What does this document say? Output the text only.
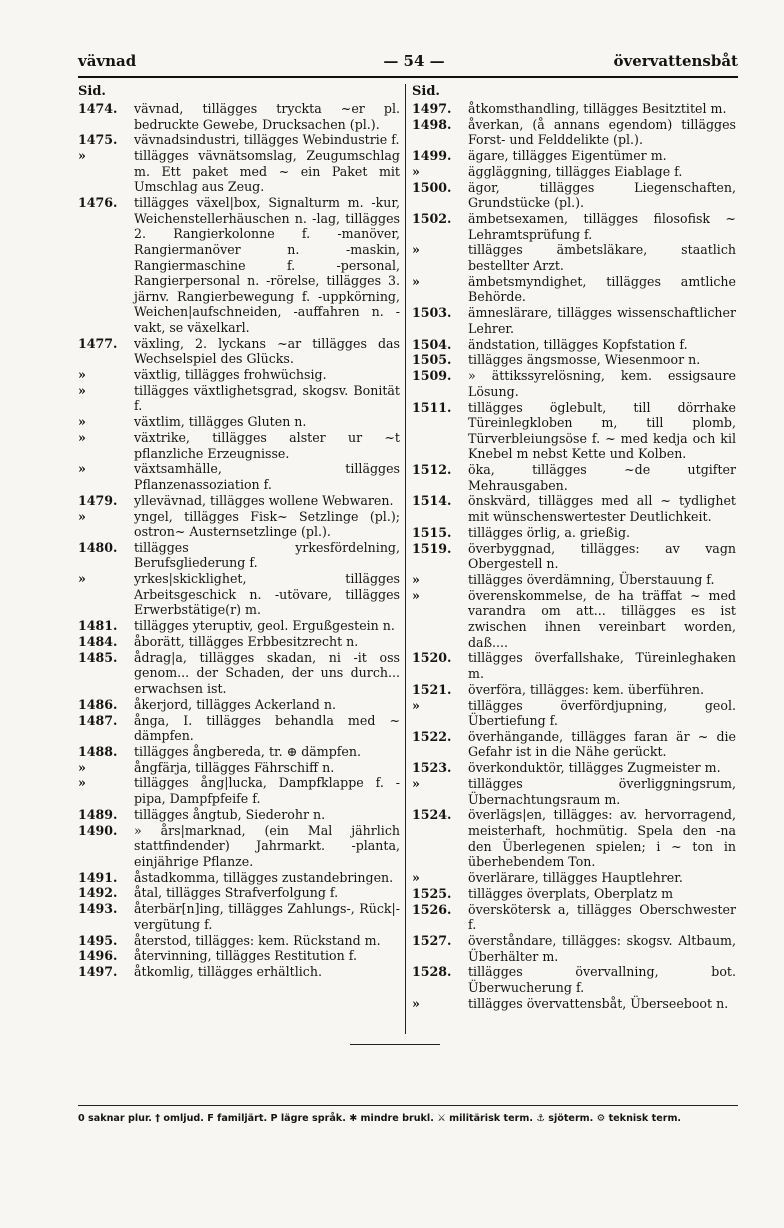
vävnad	— 54 —	övervattensbåt
Sid.
1474. vävnad, tillägges tryckta ~er pl. bedruckte Gewebe, Drucksachen (pl.).
1475. vävnadsindustri, tillägges Webindustrie f.
»	tillägges vävnätsomslag, Zeugumschlag m. Ett paket med ~ ein Paket mit Umschlag aus Zeug.
1476. tillägges växel|box, Signalturm m. -kur, Weichenstellerhäuschen n. -lag, tillägges 2. Rangierkolonne f. -manöver, Rangiermanöver n. -maskin, Rangiermaschine f. -personal, Rangierpersonal n. -rörelse, tillägges 3. järnv. Rangierbewegung f. -uppkörning, Weichen|aufschneiden, -auffahren n. -vakt, se växelkarl.
1477. växling, 2. lyckans ~ar tillägges das Wechselspiel des Glücks.
»	växtlig, tillägges frohwüchsig.
»	tillägges växtlighetsgrad, skogsv. Bonität f.
»	växtlim, tillägges Gluten n.
»	växtrike, tillägges alster ur ~t pflanzliche Erzeugnisse.
»	växtsamhälle, tillägges Pflanzenassoziation f.
1479. yllevävnad, tillägges wollene Webwaren.
»	yngel, tillägges Fisk~ Setzlinge (pl.); ostron~ Austernsetzlinge (pl.).
1480. tillägges yrkesfördelning, Berufsgliederung f.
»	yrkes|skicklighet, tillägges Arbeitsgeschick n. -utövare, tillägges Erwerbstätige(r) m.
1481. tillägges yteruptiv, geol. Ergußgestein n.
1484. åborätt, tillägges Erbbesitzrecht n.
1485. ådrag|a, tillägges skadan, ni -it oss genom... der Schaden, der uns durch... erwachsen ist.
1486. åkerjord, tillägges Ackerland n.
1487. ånga, I. tillägges behandla med ~ dämpfen.
1488. tillägges ångbereda, tr. ⊕ dämpfen.
»	ångfärja, tillägges Fährschiff n.
»	tillägges ång|lucka, Dampfklappe f. -pipa, Dampfpfeife f.
1489. tillägges ångtub, Siederohr n.
1490. » års|marknad, (ein Mal jährlich stattfindender) Jahrmarkt. -planta, einjährige Pflanze.
1491. åstadkomma, tillägges zustandebringen.
1492. åtal, tillägges Strafverfolgung f.
1493. återbär[n]ing, tillägges Zahlungs-, Rück|-vergütung f.
1495. återstod, tillägges: kem. Rückstand m.
1496. återvinning, tillägges Restitution f.
1497. åtkomlig, tillägges erhältlich.
Sid.
1497. åtkomsthandling, tillägges Besitztitel m.
1498. åverkan, (å annans egendom) tillägges Forst- und Felddelikte (pl.).
1499. ägare, tillägges Eigentümer m.
»	äggläggning, tillägges Eiablage f.
1500. ägor, tillägges Liegenschaften, Grundstücke (pl.).
1502. ämbetsexamen, tillägges filosofisk ~ Lehramtsprüfung f.
»	tillägges ämbetsläkare, staatlich bestellter Arzt.
»	ämbetsmyndighet, tillägges amtliche Behörde.
1503. ämneslärare, tillägges wissenschaftlicher Lehrer.
1504. ändstation, tillägges Kopfstation f.
1505. tillägges ängsmosse, Wiesenmoor n.
1509. » ättikssyrelösning, kem. essigsaure Lösung.
1511. tillägges öglebult, till dörrhake Türeinlegkloben m, till plomb, Türverbleiungsöse f. ~ med kedja och kil Knebel m nebst Kette und Kolben.
1512. öka, tillägges ~de utgifter Mehrausgaben.
1514. önskvärd, tillägges med all ~ tydlighet mit wünschenswertester Deutlichkeit.
1515. tillägges örlig, a. grießig.
1519. överbyggnad, tillägges: av vagn Obergestell n.
»	tillägges överdämning, Überstauung f.
»	överenskommelse, de ha träffat ~ med varandra om att... tillägges es ist zwischen ihnen vereinbart worden, daß....
1520. tillägges överfallshake, Türeinleghaken m.
1521. överföra, tillägges: kem. überführen.
»	tillägges överfördjupning, geol. Übertiefung f.
1522. överhängande, tillägges faran är ~ die Gefahr ist in die Nähe gerückt.
1523. överkonduktör, tillägges Zugmeister m.
»	tillägges överliggningsrum, Übernachtungsraum m.
1524. överlägs|en, tillägges: av. hervorragend, meisterhaft, hochmütig. Spela den -na den Überlegenen spielen; i ~ ton in überhebendem Ton.
»	överlärare, tillägges Hauptlehrer.
1525. tillägges överplats, Oberplatz m
1526. överskötersk a, tillägges Oberschwester f.
1527. överståndare, tillägges: skogsv. Altbaum, Überhälter m.
1528. tillägges övervallning, bot. Überwucherung f.
»	tillägges övervattensbåt, Überseeboot n.
0 saknar plur. † omljud. F familjärt. P lägre språk. ✱ mindre brukl. ⚔ militärisk term. ⚓ sjöterm. ⚙ teknisk term.
